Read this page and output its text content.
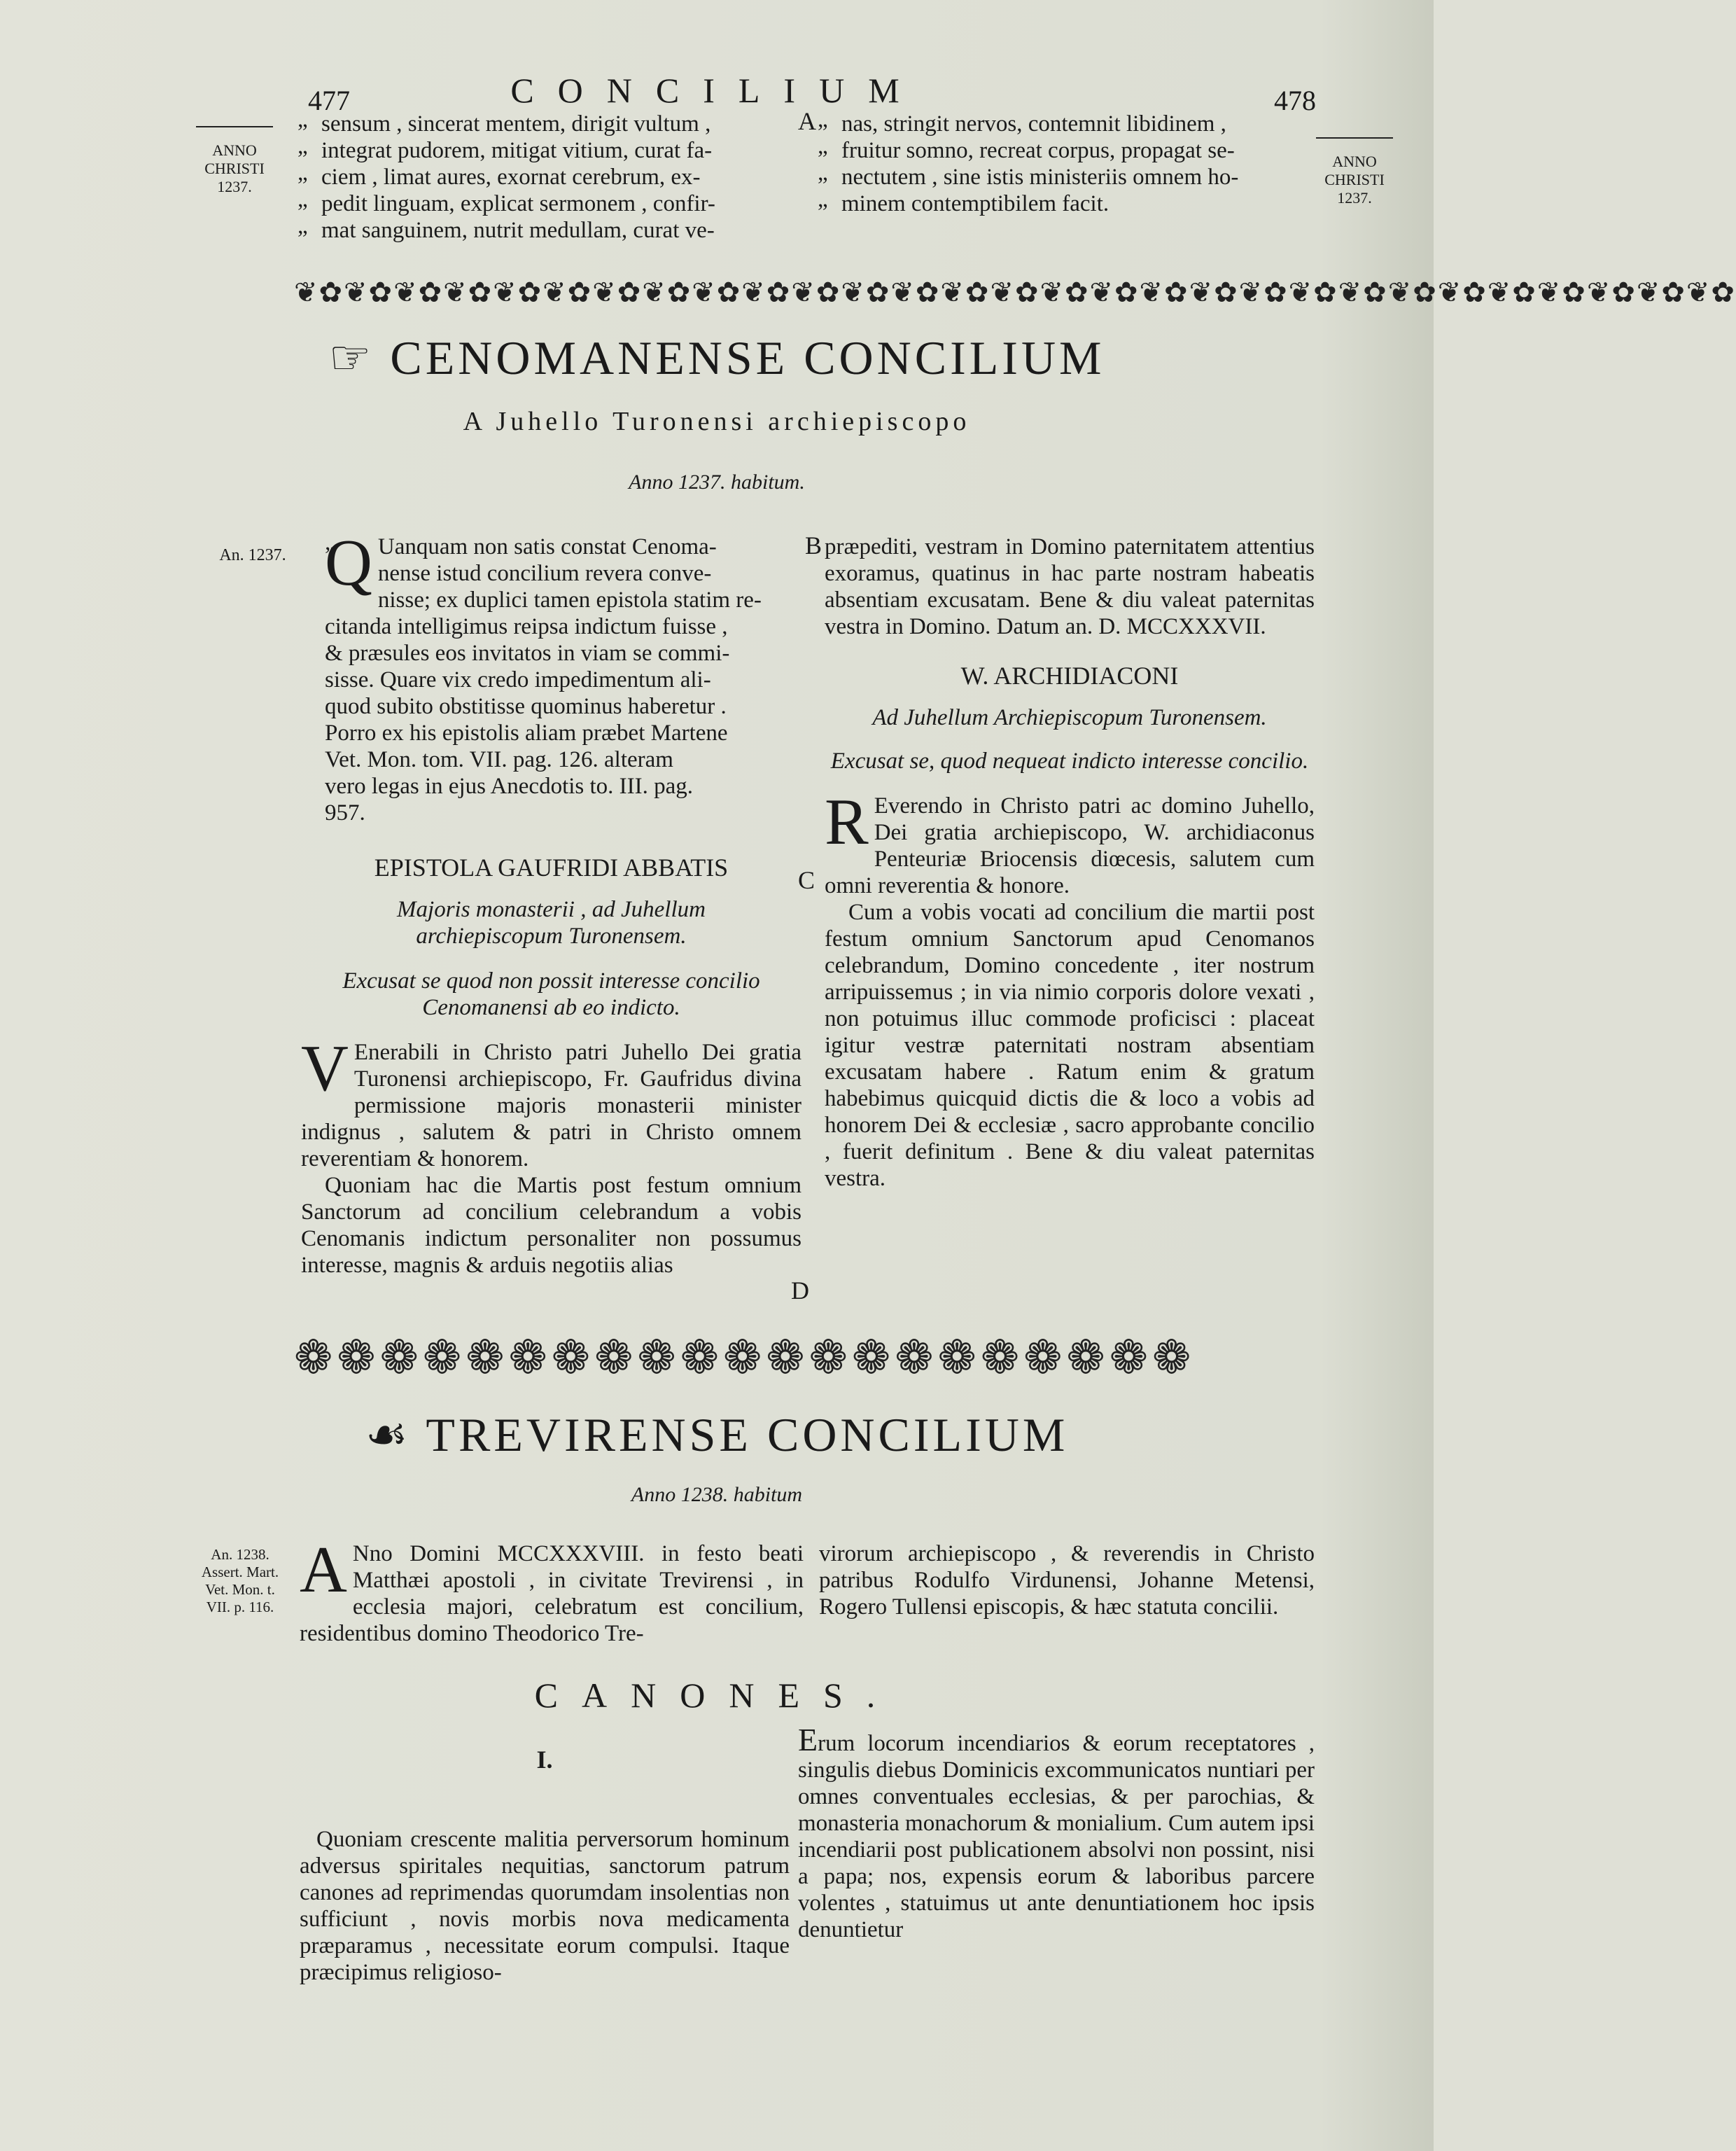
477	CONCILIUM	478
ANNO
CHRISTI
1237.
ANNO
CHRISTI
1237.
„ sensum , sincerat mentem, dirigit vultum ,
„ integrat pudorem, mitigat vitium, curat fa-
„ ciem , limat aures, exornat cerebrum, ex-
„ pedit linguam, explicat sermonem , confir-
„ mat sanguinem, nutrit medullam, curat ve-
A	„ nas, stringit nervos, contemnit libidinem ,
„ fruitur somno, recreat corpus, propagat se-
„ nectutem , sine istis ministeriis omnem ho-
„ minem contemptibilem facit.
❦✿❦✿❦✿❦✿❦✿❦✿❦✿❦✿❦✿❦✿❦✿❦✿❦✿❦✿❦✿❦✿❦✿❦✿❦✿❦✿❦✿❦✿❦✿❦✿❦✿❦✿❦✿❦✿❦✿
☞ CENOMANENSE CONCILIUM
A Juhello Turonensi archiepiscopo
Anno 1237. habitum.
An. 1237. Q „ Uanquam non satis constat Cenoma-
nense istud concilium revera conve-
nisse; ex duplici tamen epistola statim re-
citanda intelligimus reipsa indictum fuisse ,
& præsules eos invitatos in viam se commi-
sisse. Quare vix credo impedimentum ali-
quod subito obstitisse quominus haberetur .
Porro ex his epistolis aliam præbet Martene
Vet. Mon. tom. VII. pag. 126. alteram
vero legas in ejus Anecdotis to. III. pag.
957.
EPISTOLA GAUFRIDI ABBATIS

Majoris monasterii , ad Juhellum archiepiscopum Turonensem.

Excusat se quod non possit interesse concilio Cenomanensi ab eo indicto.

V Enerabili in Christo patri Juhello Dei gratia Turonensi archiepiscopo, Fr. Gaufridus divina permissione majoris monasterii minister indignus , salutem & patri in Christo omnem reverentiam & honorem.

Quoniam hac die Martis post festum omnium Sanctorum ad concilium celebrandum a vobis Cenomanis indictum personaliter non possumus interesse, magnis & arduis negotiis alias

B
C
D

præpediti, vestram in Domino paternitatem attentius exoramus, quatinus in hac parte nostram habeatis absentiam excusatam. Bene & diu valeat paternitas vestra in Domino. Datum an. D. MCCXXXVII.

W. ARCHIDIACONI

Ad Juhellum Archiepiscopum Turonensem.

Excusat se, quod nequeat indicto interesse concilio.

R Everendo in Christo patri ac domino Juhello, Dei gratia archiepiscopo, W. archidiaconus Penteuriæ Briocensis diœcesis, salutem cum omni reverentia & honore.

Cum a vobis vocati ad concilium die martii post festum omnium Sanctorum apud Cenomanos celebrandum, Domino concedente , iter nostrum arripuissemus ; in via nimio corporis dolore vexati , non potuimus illuc commode proficisci : placeat igitur vestræ paternitati nostram absentiam excusatam habere . Ratum enim & gratum habebimus quicquid dictis die & loco a vobis ad honorem Dei & ecclesiæ , sacro approbante concilio , fuerit definitum . Bene & diu valeat paternitas vestra.

❁❁❁❁❁❁❁❁❁❁❁❁❁❁❁❁❁❁❁❁❁
☙ TREVIRENSE CONCILIUM
Anno 1238. habitum
An. 1238.
Assert. Mart.
Vet. Mon. t.
VII. p. 116.

A Nno Domini MCCXXXVIII. in festo beati Matthæi apostoli , in civitate Trevirensi , in ecclesia majori, celebratum est concilium, residentibus domino Theodorico Tre-

virorum archiepiscopo , & reverendis in Christo patribus Rodulfo Virdunensi, Johanne Metensi, Rogero Tullensi episcopis, & hæc statuta concilii.

CANONES.
I.

Quoniam crescente malitia perversorum hominum adversus spiritales nequitias, sanctorum patrum canones ad reprimendas quorumdam insolentias non sufficiunt , novis morbis nova medicamenta præparamus , necessitate eorum compulsi. Itaque præcipimus religioso-

Erum locorum incendiarios & eorum receptatores , singulis diebus Dominicis excommunicatos nuntiari per omnes conventuales ecclesias, & per parochias, & monasteria monachorum & monialium. Cum autem ipsi incendiarii post publicationem absolvi non possint, nisi a papa; nos, expensis eorum & laboribus parcere volentes , statuimus ut ante denuntiationem hoc ipsis denuntietur
